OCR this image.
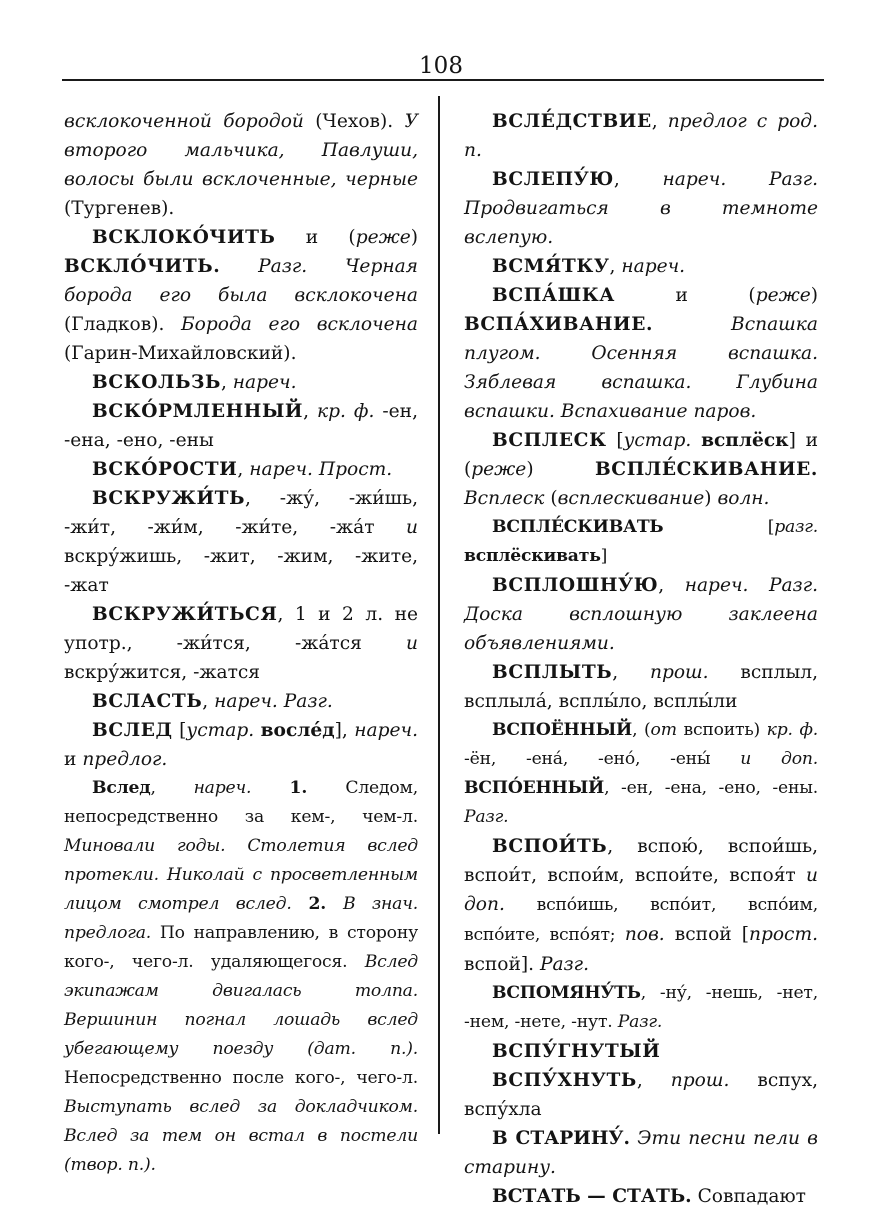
108

всклокоченной бородой (Чехов). У второго мальчика, Павлуши, волосы были всклоченные, черные (Тургенев).

ВСКЛОКО́ЧИТЬ и (реже) ВСКЛО́ЧИТЬ. Разг. Черная борода его была всклокочена (Гладков). Борода его всклочена (Гарин-Михайловский).

ВСКОЛЬЗЬ, нареч.

ВСКО́РМЛЕННЫЙ, кр. ф. -ен, -ена, -ено, -ены

ВСКО́РОСТИ, нареч. Прост.

ВСКРУЖИ́ТЬ, -жу́, -жи́шь, -жи́т, -жи́м, -жи́те, -жа́т и вскру́жишь, -жит, -жим, -жите, -жат

ВСКРУЖИ́ТЬСЯ, 1 и 2 л. не употр., -жи́тся, -жа́тся и вскру́жится, -жатся

ВСЛАСТЬ, нареч. Разг.

ВСЛЕД [устар. вослéд], нареч. и предлог.

Вслед, нареч. 1. Следом, непосредственно за кем-, чем-л. Миновали годы. Столетия вслед протекли. Николай с просветленным лицом смотрел вслед. 2. В знач. предлога. По направлению, в сторону кого-, чего-л. удаляющегося. Вслед экипажам двигалась толпа. Вершинин погнал лошадь вслед убегающему поезду (дат. п.). Непосредственно после кого-, чего-л. Выступать вслед за докладчиком. Вслед за тем он встал в постели (твор. п.).

ВСЛЕ́ДСТВИЕ, предлог с род. п.

ВСЛЕПУ́Ю, нареч. Разг. Продвигаться в темноте вслепую.

ВСМЯ́ТКУ, нареч.

ВСПА́ШКА и (реже) ВСПА́ХИВАНИЕ.	Вспашка плугом. Осенняя вспашка. Зяблевая вспашка. Глубина вспашки. Вспахивание паров.

ВСПЛЕСК [устар. всплёск] и (реже) ВСПЛЕ́СКИВАНИЕ. Всплеск (всплескивание) волн.

ВСПЛЕ́СКИВАТЬ [разг. всплёскивать]

ВСПЛОШНУ́Ю, нареч. Разг. Доска всплошную заклеена объявлениями.

ВСПЛЫТЬ, прош. всплыл, всплыла́, всплы́ло, всплы́ли

ВСПОЁННЫЙ, (от вспоить) кр. ф. -ён, -ена́, -ено́, -ены́ и доп. ВСПО́ЕННЫЙ, -ен, -ена, -ено, -ены. Разг.

ВСПОИ́ТЬ, вспою́, вспои́шь, вспои́т, вспои́м, вспои́те, вспоя́т и доп. вспо́ишь, вспо́ит, вспо́им, вспо́ите, вспо́ят; пов. вспой [прост. вспой]. Разг.

ВСПОМЯНУ́ТЬ, -ну́, -нешь, -нет, -нем, -нете, -нут. Разг.

ВСПУ́ГНУТЫЙ

ВСПУ́ХНУТЬ, прош. вспух, вспу́хла

В СТАРИНУ́. Эти песни пели в старину.

ВСТАТЬ — СТАТЬ. Совпадают
